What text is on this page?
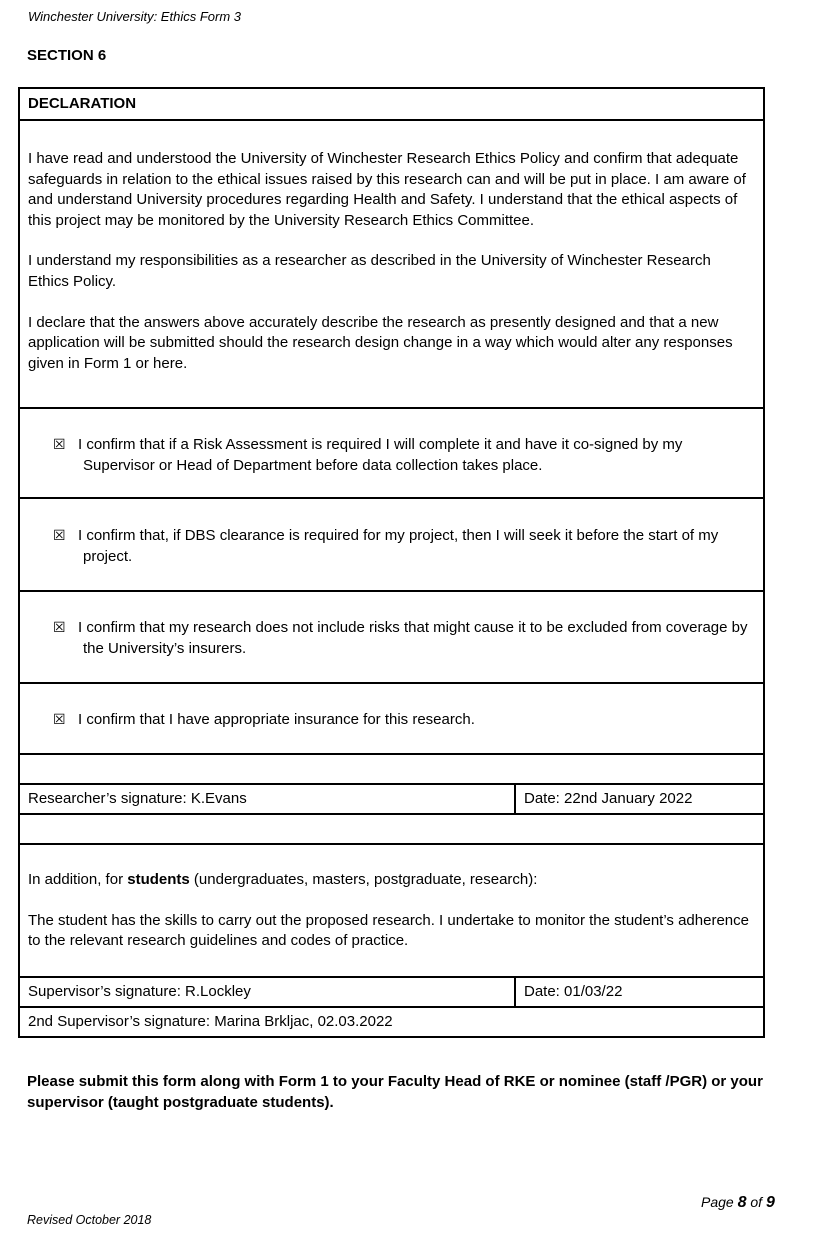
Winchester University: Ethics Form 3
SECTION 6
DECLARATION	

I have read and understood the University of Winchester Research Ethics Policy and confirm that adequate safeguards in relation to the ethical issues raised by this research can and will be put in place. I am aware of and understand University procedures regarding Health and Safety. I understand that the ethical aspects of this project may be monitored by the University Research Ethics Committee.

I understand my responsibilities as a researcher as described in the University of Winchester Research Ethics Policy.

I declare that the answers above accurately describe the research as presently designed and that a new application will be submitted should the research design change in a way which would alter any responses given in Form 1 or here.	

☒ I confirm that if a Risk Assessment is required I will complete it and have it co-signed by my Supervisor or Head of Department before data collection takes place.	

☒ I confirm that, if DBS clearance is required for my project, then I will seek it before the start of my project.	

☒ I confirm that my research does not include risks that might cause it to be excluded from coverage by the University’s insurers.	

☒ I confirm that I have appropriate insurance for this research.	

Researcher’s signature: K.Evans	Date: 22nd January 2022

In addition, for students (undergraduates, masters, postgraduate, research):

The student has the skills to carry out the proposed research. I undertake to monitor the student’s adherence to the relevant research guidelines and codes of practice.	

Supervisor’s signature: R.Lockley	Date: 01/03/22
2nd Supervisor’s signature: Marina Brkljac, 02.03.2022	
Please submit this form along with Form 1 to your Faculty Head of RKE or nominee (staff /PGR) or your supervisor (taught postgraduate students).
Page 8 of 9
Revised October 2018
